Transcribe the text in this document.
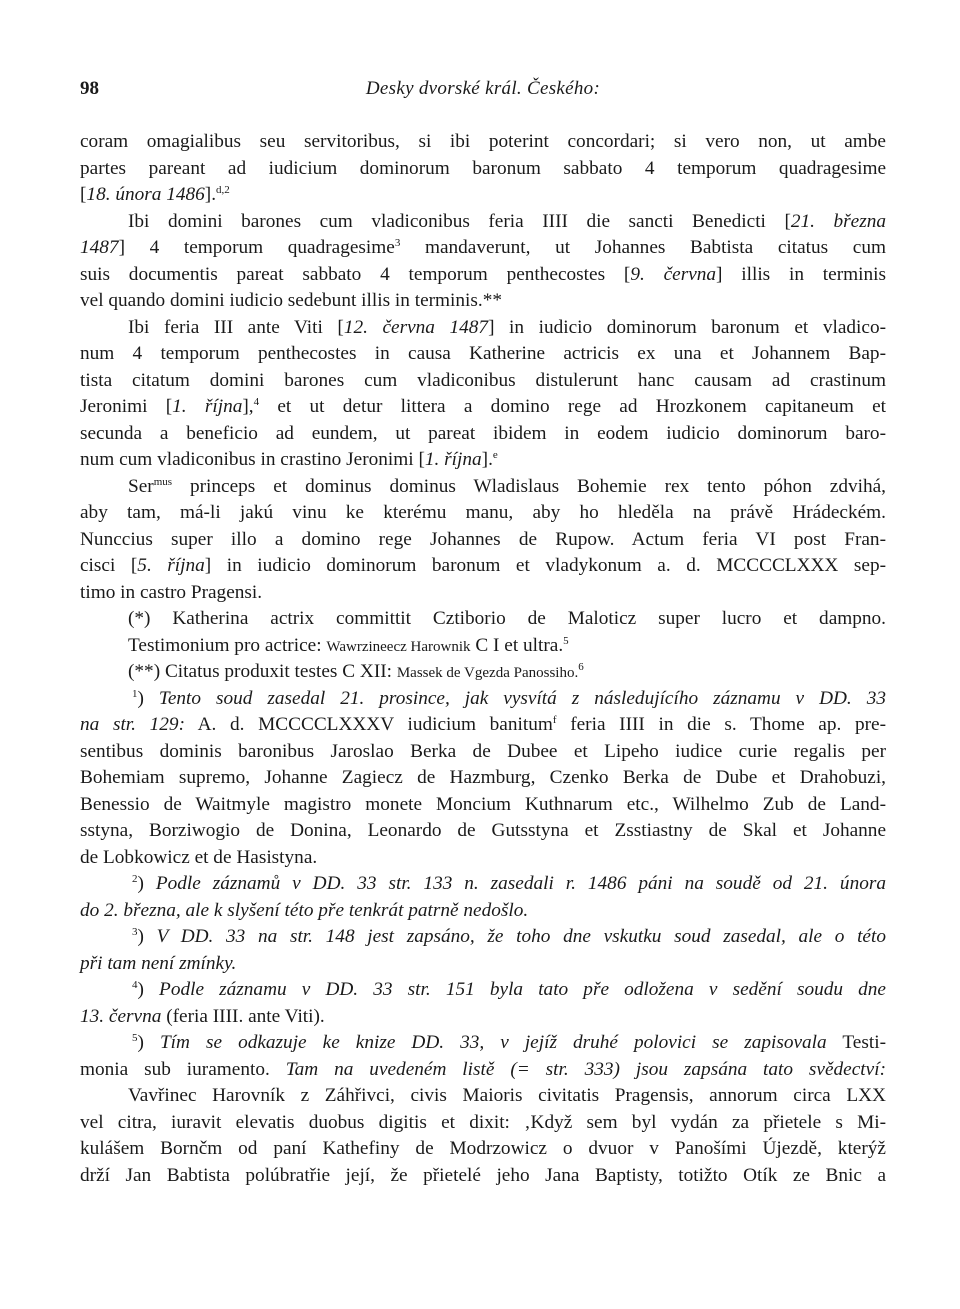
98	Desky dvorské král. Českého:
coram omagialibus seu servitoribus, si ibi poterint concordari; si vero non, ut ambe
partes pareant ad iudicium dominorum baronum sabbato 4 temporum quadragesime
[18. února 1486].$^{d,2}$
Ibi domini barones cum vladiconibus feria IIII die sancti Benedicti [21. března
1487] 4 temporum quadragesime$^3$ mandaverunt, ut Johannes Babtista citatus cum
suis documentis pareat sabbato 4 temporum penthecostes [9. června] illis in terminis
vel quando domini iudicio sedebunt illis in terminis.**
Ibi feria III ante Viti [12. června 1487] in iudicio dominorum baronum et vladico-
num 4 temporum penthecostes in causa Katherine actricis ex una et Johannem Bap-
tista citatum domini barones cum vladiconibus distulerunt hanc causam ad crastinum
Jeronimi [1. října],$^4$ et ut detur littera a domino rege ad Hrozkonem capitaneum et
secunda a beneficio ad eundem, ut pareat ibidem in eodem iudicio dominorum baro-
num cum vladiconibus in crastino Jeronimi [1. října].$^e$
Ser$^{mus}$ princeps et dominus dominus Wladislaus Bohemie rex tento póhon zdvihá,
aby tam, má-li jakú vinu ke kterému manu, aby ho hleděla na právě Hrádeckém.
Nunccius super illo a domino rege Johannes de Rupow. Actum feria VI post Fran-
cisci [5. října] in iudicio dominorum baronum et vladykonum a. d. MCCCCLXXX sep-
timo in castro Pragensi.
(*) Katherina actrix committit Cztiborio de Maloticz super lucro et dampno.
Testimonium pro actrice: Wawrzineecz Harownik C I et ultra.$^5$
(**) Citatus produxit testes C XII: Massek de Vgezda Panossiho.$^6$
$^1$) Tento soud zasedal 21. prosince, jak vysvítá z následujícího záznamu v DD. 33
na str. 129: A. d. MCCCCLXXXV iudicium banitum$^f$ feria IIII in die s. Thome ap. pre-
sentibus dominis baronibus Jaroslao Berka de Dubee et Lipeho iudice curie regalis per
Bohemiam supremo, Johanne Zagiecz de Hazmburg, Czenko Berka de Dube et Drahobuzi,
Benessio de Waitmyle magistro monete Moncium Kuthnarum etc., Wilhelmo Zub de Land-
sstyna, Borziwogio de Donina, Leonardo de Gutsstyna et Zsstiastny de Skal et Johanne
de Lobkowicz et de Hasistyna.
$^2$) Podle záznamů v DD. 33 str. 133 n. zasedali r. 1486 páni na soudě od 21. února
do 2. března, ale k slyšení této pře tenkrát patrně nedošlo.
$^3$) V DD. 33 na str. 148 jest zapsáno, že toho dne vskutku soud zasedal, ale o této
při tam není zmínky.
$^4$) Podle záznamu v DD. 33 str. 151 byla tato pře odložena v sedění soudu dne
13. června (feria IIII. ante Viti).
$^5$) Tím se odkazuje ke knize DD. 33, v jejíž druhé polovici se zapisovala Testi-
monia sub iuramento. Tam na uvedeném listě (= str. 333) jsou zapsána tato svědectví:
Vavřinec Harovník z Záhřivci, civis Maioris civitatis Pragensis, annorum circa LXX
vel citra, iuravit elevatis duobus digitis et dixit: ‚Když sem byl vydán za přietele s Mi-
kulášem Bornčm od paní Kathefiny de Modrzowicz o dvuor v Panošími Újezdě, kterýž
drží Jan Babtista polúbratřie její, že přietelé jeho Jana Baptisty, totižto Otík ze Bnic a
